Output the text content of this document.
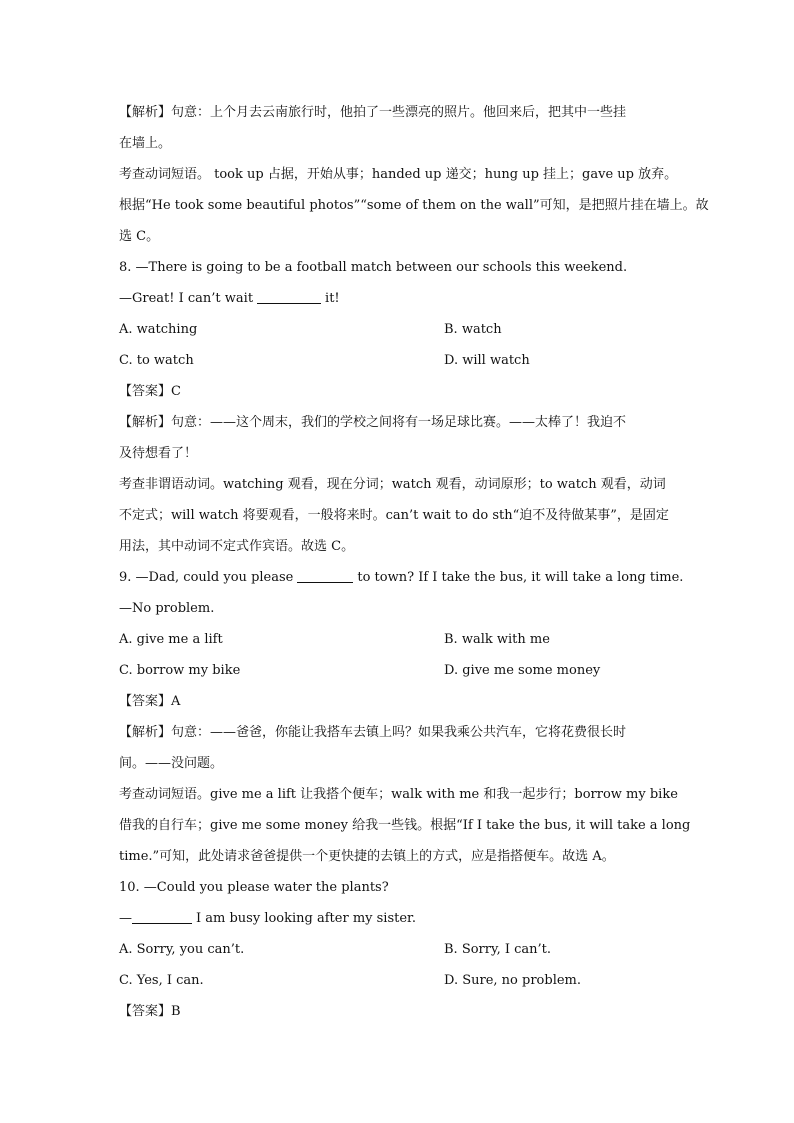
【解析】句意：上个月去云南旅行时，他拍了一些漂亮的照片。他回来后，把其中一些挂
在墙上。
考查动词短语。 took up 占据，开始从事；handed up 递交；hung up 挂上；gave up 放弃。
根据“He took some beautiful photos”“some of them on the wall”可知，是把照片挂在墙上。故
选 C。
8. —There is going to be a football match between our schools this weekend.
—Great! I can’t wait	it!
A. watching	B. watch
C. to watch	D. will watch
【答案】C
【解析】句意：——这个周末，我们的学校之间将有一场足球比赛。——太棒了！我迫不
及待想看了！
考查非谓语动词。watching 观看，现在分词；watch 观看，动词原形；to watch 观看，动词
不定式；will watch 将要观看，一般将来时。can’t wait to do sth“迫不及待做某事”，是固定
用法，其中动词不定式作宾语。故选 C。
9. —Dad, could you please	to town? If I take the bus, it will take a long time.
—No problem.
A. give me a lift	B. walk with me
C. borrow my bike	D. give me some money
【答案】A
【解析】句意：——爸爸，你能让我搭车去镇上吗？如果我乘公共汽车，它将花费很长时
间。——没问题。
考查动词短语。give me a lift 让我搭个便车；walk with me 和我一起步行；borrow my bike
借我的自行车；give me some money 给我一些钱。根据“If I take the bus, it will take a long
time.”可知，此处请求爸爸提供一个更快捷的去镇上的方式，应是指搭便车。故选 A。
10. —Could you please water the plants?
—	I am busy looking after my sister.
A. Sorry, you can’t.	B. Sorry, I can’t.
C. Yes, I can.	D. Sure, no problem.
【答案】B
